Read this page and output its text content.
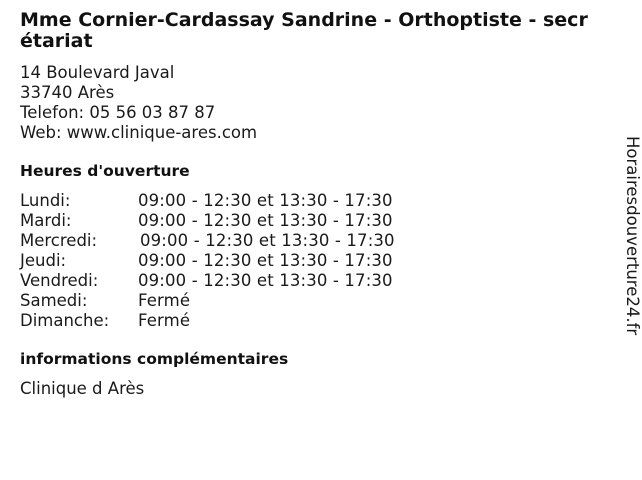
Mme Cornier-Cardassay Sandrine - Orthoptiste - secrétariat
14 Boulevard Javal
33740 Arès
Telefon: 05 56 03 87 87
Web: www.clinique-ares.com
Heures d'ouverture
Lundi:	09:00 - 12:30 et 13:30 - 17:30
Mardi:	09:00 - 12:30 et 13:30 - 17:30
Mercredi:	09:00 - 12:30 et 13:30 - 17:30
Jeudi:	09:00 - 12:30 et 13:30 - 17:30
Vendredi:	09:00 - 12:30 et 13:30 - 17:30
Samedi:	Fermé
Dimanche:	Fermé
informations complémentaires
Clinique d Arès
Horairesdouverture24.fr
